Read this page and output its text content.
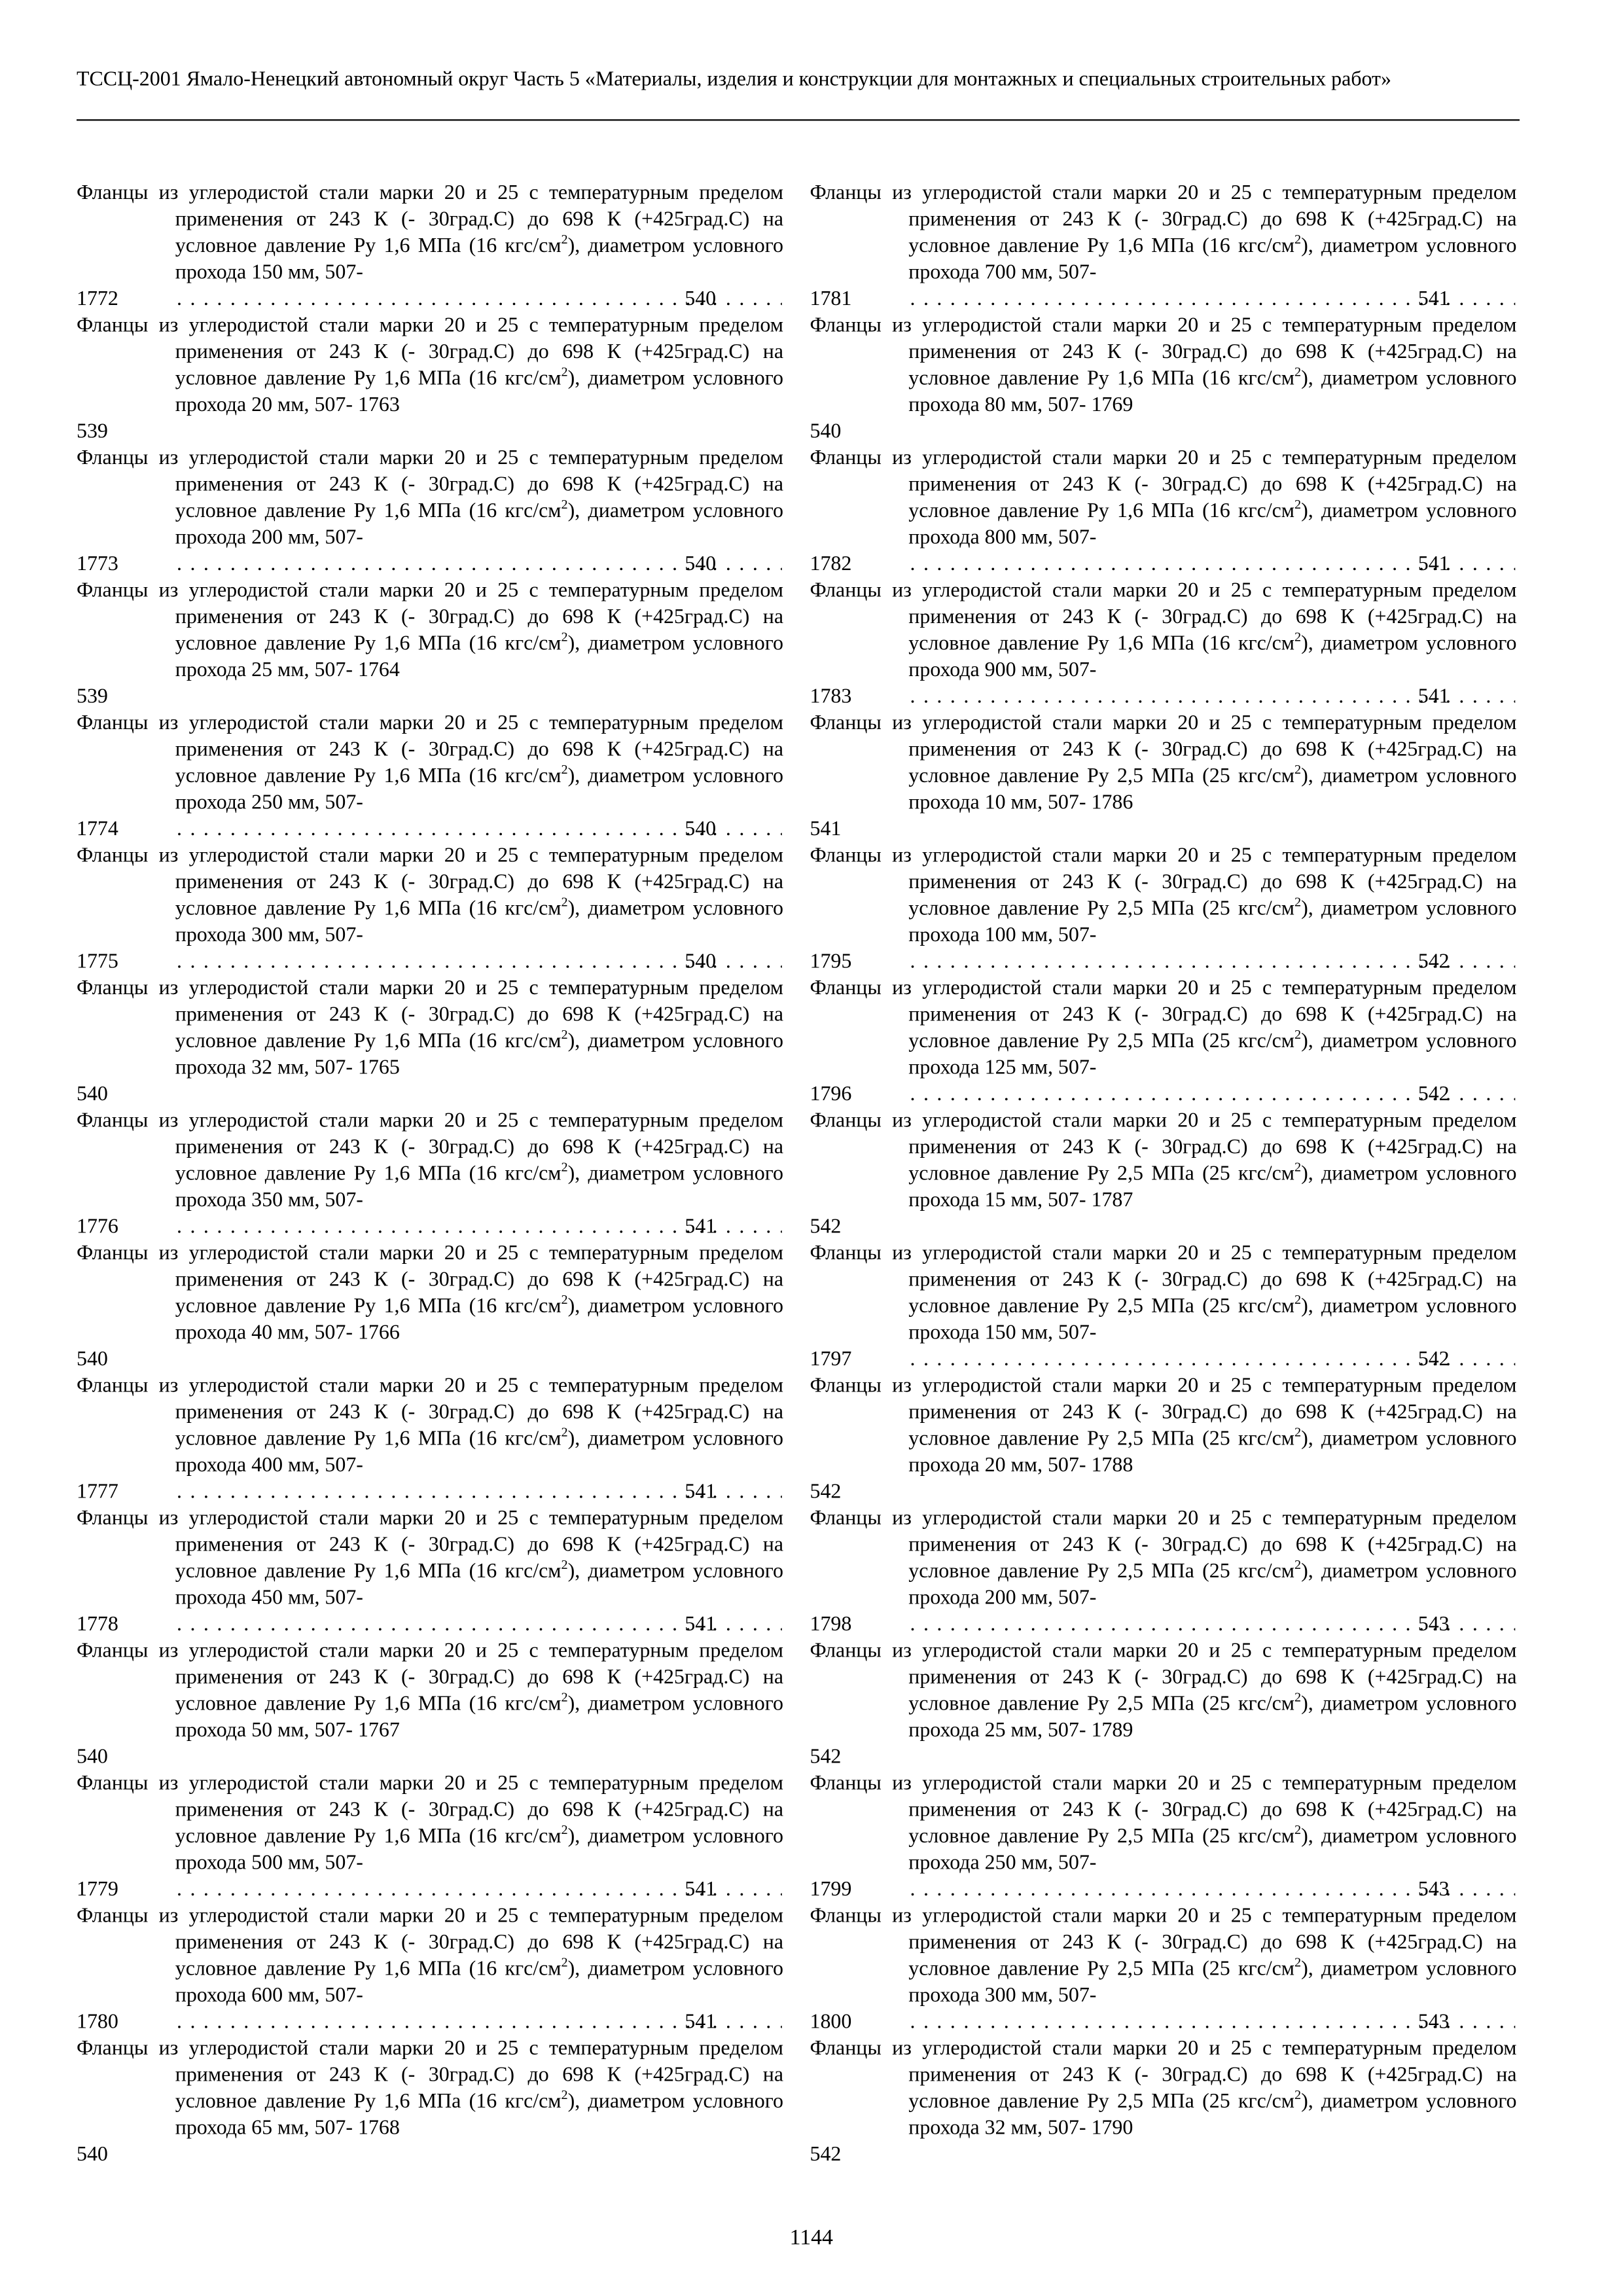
ТССЦ-2001 Ямало-Ненецкий автономный округ Часть 5 «Материалы, изделия и конструкции для монтажных и специальных строительных работ»
Фланцы из углеродистой стали марки 20 и 25 с температурным пределом применения от 243 К (- 30град.С) до 698 К (+425град.С) на условное давление Ру 1,6 МПа (16 кгс/$см^2$), диаметром условного прохода 150 мм, 507-
1772 . . .	540
Фланцы из углеродистой стали марки 20 и 25 с температурным пределом применения от 243 К (- 30град.С) до 698 К (+425град.С) на условное давление Ру 1,6 МПа (16 кгс/$см^2$), диаметром условного прохода 20 мм, 507- 1763
539
Фланцы из углеродистой стали марки 20 и 25 с температурным пределом применения от 243 К (- 30град.С) до 698 К (+425град.С) на условное давление Ру 1,6 МПа (16 кгс/$см^2$), диаметром условного прохода 200 мм, 507-
1773 . . .	540
Фланцы из углеродистой стали марки 20 и 25 с температурным пределом применения от 243 К (- 30град.С) до 698 К (+425град.С) на условное давление Ру 1,6 МПа (16 кгс/$см^2$), диаметром условного прохода 25 мм, 507- 1764
539
Фланцы из углеродистой стали марки 20 и 25 с температурным пределом применения от 243 К (- 30град.С) до 698 К (+425град.С) на условное давление Ру 1,6 МПа (16 кгс/$см^2$), диаметром условного прохода 250 мм, 507-
1774 . . .	540
Фланцы из углеродистой стали марки 20 и 25 с температурным пределом применения от 243 К (- 30град.С) до 698 К (+425град.С) на условное давление Ру 1,6 МПа (16 кгс/$см^2$), диаметром условного прохода 300 мм, 507-
1775 . . .	540
Фланцы из углеродистой стали марки 20 и 25 с температурным пределом применения от 243 К (- 30град.С) до 698 К (+425град.С) на условное давление Ру 1,6 МПа (16 кгс/$см^2$), диаметром условного прохода 32 мм, 507- 1765
540
Фланцы из углеродистой стали марки 20 и 25 с температурным пределом применения от 243 К (- 30град.С) до 698 К (+425град.С) на условное давление Ру 1,6 МПа (16 кгс/$см^2$), диаметром условного прохода 350 мм, 507-
1776 . . .	541
Фланцы из углеродистой стали марки 20 и 25 с температурным пределом применения от 243 К (- 30град.С) до 698 К (+425град.С) на условное давление Ру 1,6 МПа (16 кгс/$см^2$), диаметром условного прохода 40 мм, 507- 1766
540
Фланцы из углеродистой стали марки 20 и 25 с температурным пределом применения от 243 К (- 30град.С) до 698 К (+425град.С) на условное давление Ру 1,6 МПа (16 кгс/$см^2$), диаметром условного прохода 400 мм, 507-
1777 . . .	541
Фланцы из углеродистой стали марки 20 и 25 с температурным пределом применения от 243 К (- 30град.С) до 698 К (+425град.С) на условное давление Ру 1,6 МПа (16 кгс/$см^2$), диаметром условного прохода 450 мм, 507-
1778 . . .	541
Фланцы из углеродистой стали марки 20 и 25 с температурным пределом применения от 243 К (- 30град.С) до 698 К (+425град.С) на условное давление Ру 1,6 МПа (16 кгс/$см^2$), диаметром условного прохода 50 мм, 507- 1767
540
Фланцы из углеродистой стали марки 20 и 25 с температурным пределом применения от 243 К (- 30град.С) до 698 К (+425град.С) на условное давление Ру 1,6 МПа (16 кгс/$см^2$), диаметром условного прохода 500 мм, 507-
1779 . . .	541
Фланцы из углеродистой стали марки 20 и 25 с температурным пределом применения от 243 К (- 30град.С) до 698 К (+425град.С) на условное давление Ру 1,6 МПа (16 кгс/$см^2$), диаметром условного прохода 600 мм, 507-
1780 . . .	541
Фланцы из углеродистой стали марки 20 и 25 с температурным пределом применения от 243 К (- 30град.С) до 698 К (+425град.С) на условное давление Ру 1,6 МПа (16 кгс/$см^2$), диаметром условного прохода 65 мм, 507- 1768
540
Фланцы из углеродистой стали марки 20 и 25 с температурным пределом применения от 243 К (- 30град.С) до 698 К (+425град.С) на условное давление Ру 1,6 МПа (16 кгс/$см^2$), диаметром условного прохода 700 мм, 507-
1781 . . .	541
Фланцы из углеродистой стали марки 20 и 25 с температурным пределом применения от 243 К (- 30град.С) до 698 К (+425град.С) на условное давление Ру 1,6 МПа (16 кгс/$см^2$), диаметром условного прохода 80 мм, 507- 1769
540
Фланцы из углеродистой стали марки 20 и 25 с температурным пределом применения от 243 К (- 30град.С) до 698 К (+425град.С) на условное давление Ру 1,6 МПа (16 кгс/$см^2$), диаметром условного прохода 800 мм, 507-
1782 . . .	541
Фланцы из углеродистой стали марки 20 и 25 с температурным пределом применения от 243 К (- 30град.С) до 698 К (+425град.С) на условное давление Ру 1,6 МПа (16 кгс/$см^2$), диаметром условного прохода 900 мм, 507-
1783 . . .	541
Фланцы из углеродистой стали марки 20 и 25 с температурным пределом применения от 243 К (- 30град.С) до 698 К (+425град.С) на условное давление Ру 2,5 МПа (25 кгс/$см^2$), диаметром условного прохода 10 мм, 507- 1786
541
Фланцы из углеродистой стали марки 20 и 25 с температурным пределом применения от 243 К (- 30град.С) до 698 К (+425град.С) на условное давление Ру 2,5 МПа (25 кгс/$см^2$), диаметром условного прохода 100 мм, 507-
1795 . . .	542
Фланцы из углеродистой стали марки 20 и 25 с температурным пределом применения от 243 К (- 30град.С) до 698 К (+425град.С) на условное давление Ру 2,5 МПа (25 кгс/$см^2$), диаметром условного прохода 125 мм, 507-
1796 . . .	542
Фланцы из углеродистой стали марки 20 и 25 с температурным пределом применения от 243 К (- 30град.С) до 698 К (+425град.С) на условное давление Ру 2,5 МПа (25 кгс/$см^2$), диаметром условного прохода 15 мм, 507- 1787
542
Фланцы из углеродистой стали марки 20 и 25 с температурным пределом применения от 243 К (- 30град.С) до 698 К (+425град.С) на условное давление Ру 2,5 МПа (25 кгс/$см^2$), диаметром условного прохода 150 мм, 507-
1797 . . .	542
Фланцы из углеродистой стали марки 20 и 25 с температурным пределом применения от 243 К (- 30град.С) до 698 К (+425град.С) на условное давление Ру 2,5 МПа (25 кгс/$см^2$), диаметром условного прохода 20 мм, 507- 1788
542
Фланцы из углеродистой стали марки 20 и 25 с температурным пределом применения от 243 К (- 30град.С) до 698 К (+425град.С) на условное давление Ру 2,5 МПа (25 кгс/$см^2$), диаметром условного прохода 200 мм, 507-
1798 . . .	543
Фланцы из углеродистой стали марки 20 и 25 с температурным пределом применения от 243 К (- 30град.С) до 698 К (+425град.С) на условное давление Ру 2,5 МПа (25 кгс/$см^2$), диаметром условного прохода 25 мм, 507- 1789
542
Фланцы из углеродистой стали марки 20 и 25 с температурным пределом применения от 243 К (- 30град.С) до 698 К (+425град.С) на условное давление Ру 2,5 МПа (25 кгс/$см^2$), диаметром условного прохода 250 мм, 507-
1799 . . .	543
Фланцы из углеродистой стали марки 20 и 25 с температурным пределом применения от 243 К (- 30град.С) до 698 К (+425град.С) на условное давление Ру 2,5 МПа (25 кгс/$см^2$), диаметром условного прохода 300 мм, 507-
1800 . . .	543
Фланцы из углеродистой стали марки 20 и 25 с температурным пределом применения от 243 К (- 30град.С) до 698 К (+425град.С) на условное давление Ру 2,5 МПа (25 кгс/$см^2$), диаметром условного прохода 32 мм, 507- 1790
542
1144
